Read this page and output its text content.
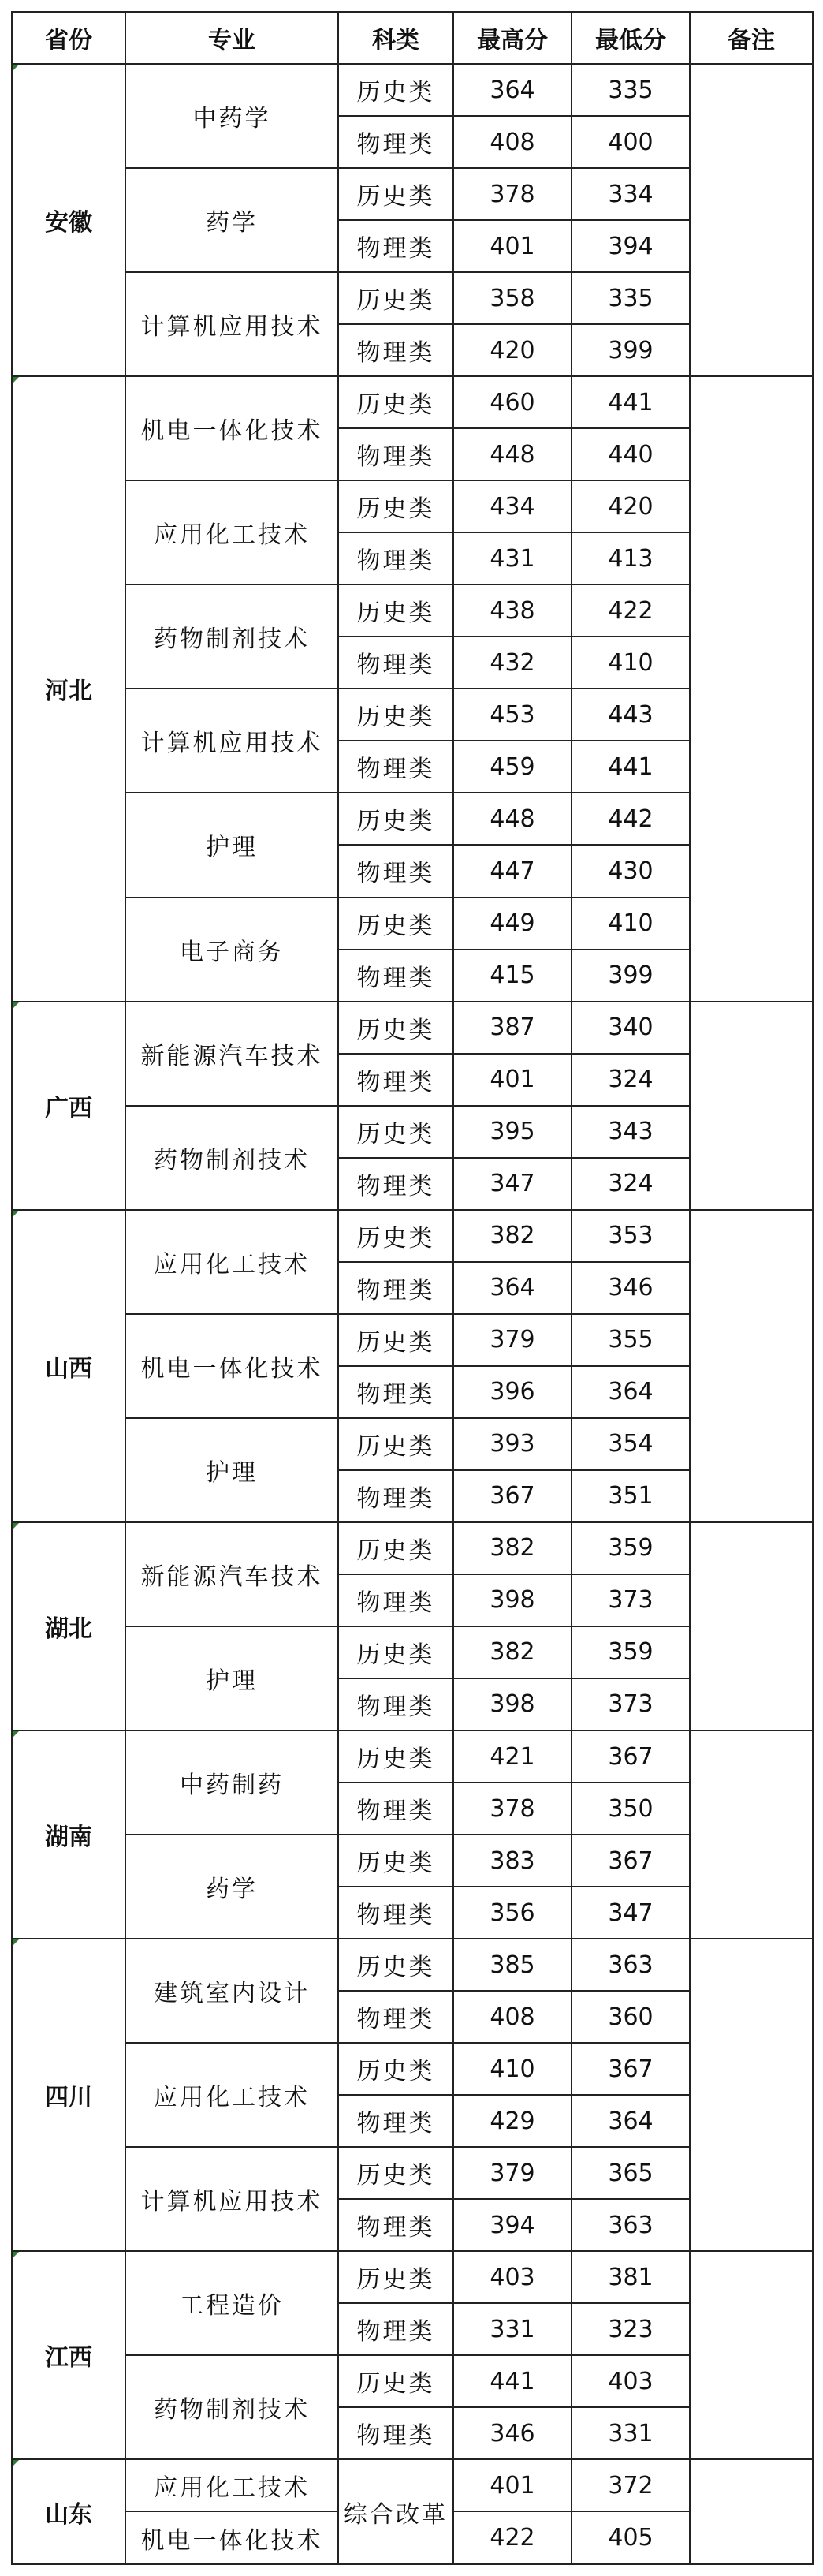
省份	专业	科类	最高分	最低分	备注
安徽	中药学	历史类	364	335	
		物理类	408	400	
	药学	历史类	378	334	
		物理类	401	394	
	计算机应用技术	历史类	358	335	
		物理类	420	399	
河北	机电一体化技术	历史类	460	441	
		物理类	448	440	
	应用化工技术	历史类	434	420	
		物理类	431	413	
	药物制剂技术	历史类	438	422	
		物理类	432	410	
	计算机应用技术	历史类	453	443	
		物理类	459	441	
	护理	历史类	448	442	
		物理类	447	430	
	电子商务	历史类	449	410	
		物理类	415	399	
广西	新能源汽车技术	历史类	387	340	
		物理类	401	324	
	药物制剂技术	历史类	395	343	
		物理类	347	324	
山西	应用化工技术	历史类	382	353	
		物理类	364	346	
	机电一体化技术	历史类	379	355	
		物理类	396	364	
	护理	历史类	393	354	
		物理类	367	351	
湖北	新能源汽车技术	历史类	382	359	
		物理类	398	373	
	护理	历史类	382	359	
		物理类	398	373	
湖南	中药制药	历史类	421	367	
		物理类	378	350	
	药学	历史类	383	367	
		物理类	356	347	
四川	建筑室内设计	历史类	385	363	
		物理类	408	360	
	应用化工技术	历史类	410	367	
		物理类	429	364	
	计算机应用技术	历史类	379	365	
		物理类	394	363	
江西	工程造价	历史类	403	381	
		物理类	331	323	
	药物制剂技术	历史类	441	403	
		物理类	346	331	
山东	应用化工技术	综合改革	401	372	
	机电一体化技术		422	405	
